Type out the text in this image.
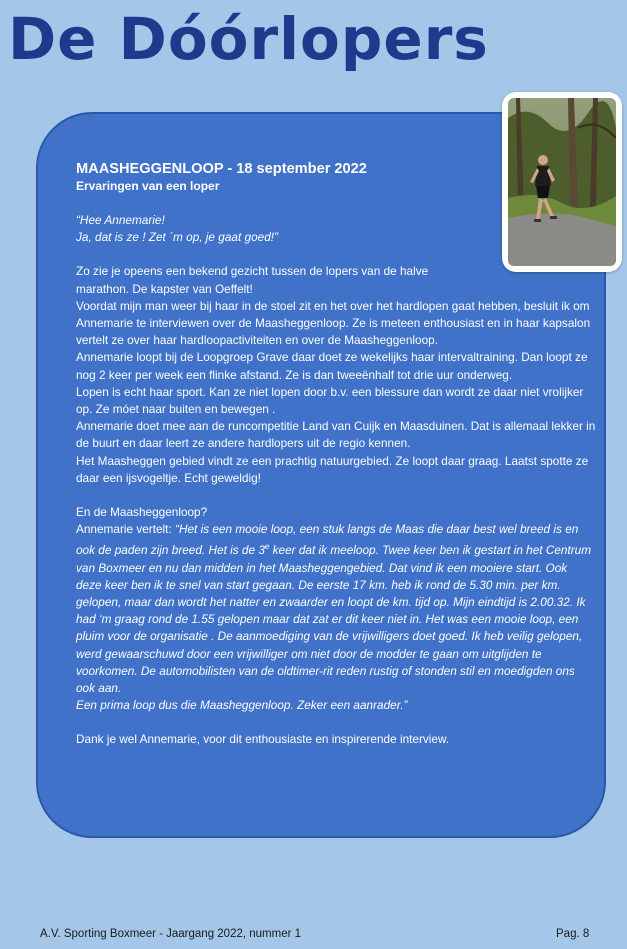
De Dóórlopers

MAASHEGGENLOOP - 18 september 2022

Ervaringen van een loper

“Hee Annemarie!

Ja, dat is ze ! Zet ´m op, je gaat goed!”

Zo zie je opeens een bekend gezicht tussen de lopers van de halve marathon. De kapster van Oeffelt!

Voordat mijn man weer bij haar in de stoel zit en het over het hardlopen gaat hebben, besluit ik om Annemarie te interviewen over de Maasheggenloop. Ze is meteen enthousiast en in haar kapsalon vertelt ze over haar hardloopactiviteiten en over de Maasheggenloop.

Annemarie loopt bij de Loopgroep Grave daar doet ze wekelijks haar intervaltraining. Dan loopt ze nog 2 keer per week een flinke afstand. Ze is dan tweeënhalf tot drie uur onderweg.

Lopen is echt haar sport. Kan ze niet lopen door b.v. een blessure dan wordt ze daar niet vrolijker op. Ze móet naar buiten en bewegen .

Annemarie doet mee aan de runcompetitie Land van Cuijk en Maasduinen. Dat is allemaal lekker in de buurt en daar leert ze andere hardlopers uit de regio kennen.

Het Maasheggen gebied vindt ze een prachtig natuurgebied. Ze loopt daar graag. Laatst spotte ze daar een ijsvogeltje. Echt geweldig!

En de Maasheggenloop?

Annemarie vertelt: “Het is een mooie loop, een stuk langs de Maas die daar best wel breed is en ook de paden zijn breed. Het is de 3e keer dat ik meeloop. Twee keer ben ik gestart in het Centrum van Boxmeer en nu dan midden in het Maasheggengebied. Dat vind ik een mooiere start. Ook deze keer ben ik te snel van start gegaan. De eerste 17 km. heb ik rond de 5.30 min. per km. gelopen, maar dan wordt het natter en zwaarder en loopt de km. tijd op. Mijn eindtijd is 2.00.32. Ik had ‘m graag rond de 1.55 gelopen maar dat zat er dit keer niet in. Het was een mooie loop, een pluim voor de organisatie . De aanmoediging van de vrijwilligers doet goed. Ik heb veilig gelopen, werd gewaarschuwd door een vrijwilliger om niet door de modder te gaan om uitglijden te voorkomen. De automobilisten van de oldtimer-rit reden rustig of stonden stil en moedigden ons ook aan.

Een prima loop dus die Maasheggenloop. Zeker een aanrader.”

Dank je wel Annemarie, voor dit enthousiaste en inspirerende interview.

A.V. Sporting Boxmeer - Jaargang 2022, nummer 1	Pag. 8
